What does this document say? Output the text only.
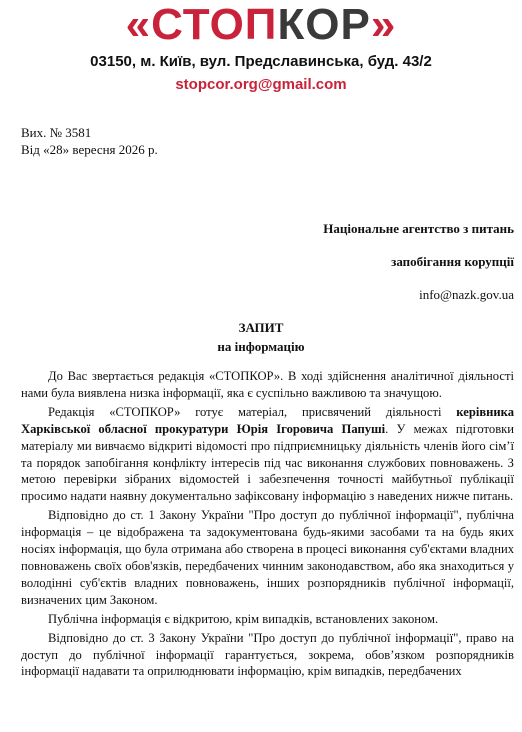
«СТОПКОР»
03150, м. Київ, вул. Предславинська, буд. 43/2
stopcor.org@gmail.com
Вих. № 3581
Від «28» вересня 2026 р.
Національне агентство з питань
запобігання корупції
info@nazk.gov.ua
ЗАПИТ
на інформацію

До Вас звертається редакція «СТОПКОР». В ході здійснення аналітичної діяльності нами була виявлена низка інформації, яка є суспільно важливою та значущою.

Редакція «СТОПКОР» готує матеріал, присвячений діяльності керівника Харківської обласної прокуратури Юрія Ігоровича Папуші. У межах підготовки матеріалу ми вивчаємо відкриті відомості про підприємницьку діяльність членів його сім’ї та порядок запобігання конфлікту інтересів під час виконання службових повноважень. З метою перевірки зібраних відомостей і забезпечення точності майбутньої публікації просимо надати наявну документально зафіксовану інформацію з наведених нижче питань.

Відповідно до ст. 1 Закону України "Про доступ до публічної інформації", публічна інформація – це відображена та задокументована будь-якими засобами та на будь яких носіях інформація, що була отримана або створена в процесі виконання суб'єктами владних повноважень своїх обов'язків, передбачених чинним законодавством, або яка знаходиться у володінні суб'єктів владних повноважень, інших розпорядників публічної інформації, визначених цим Законом.

Публічна інформація є відкритою, крім випадків, встановлених законом.

Відповідно до ст. 3 Закону України "Про доступ до публічної інформації", право на доступ до публічної інформації гарантується, зокрема, обов’язком розпорядників інформації надавати та оприлюднювати інформацію, крім випадків, передбачених
